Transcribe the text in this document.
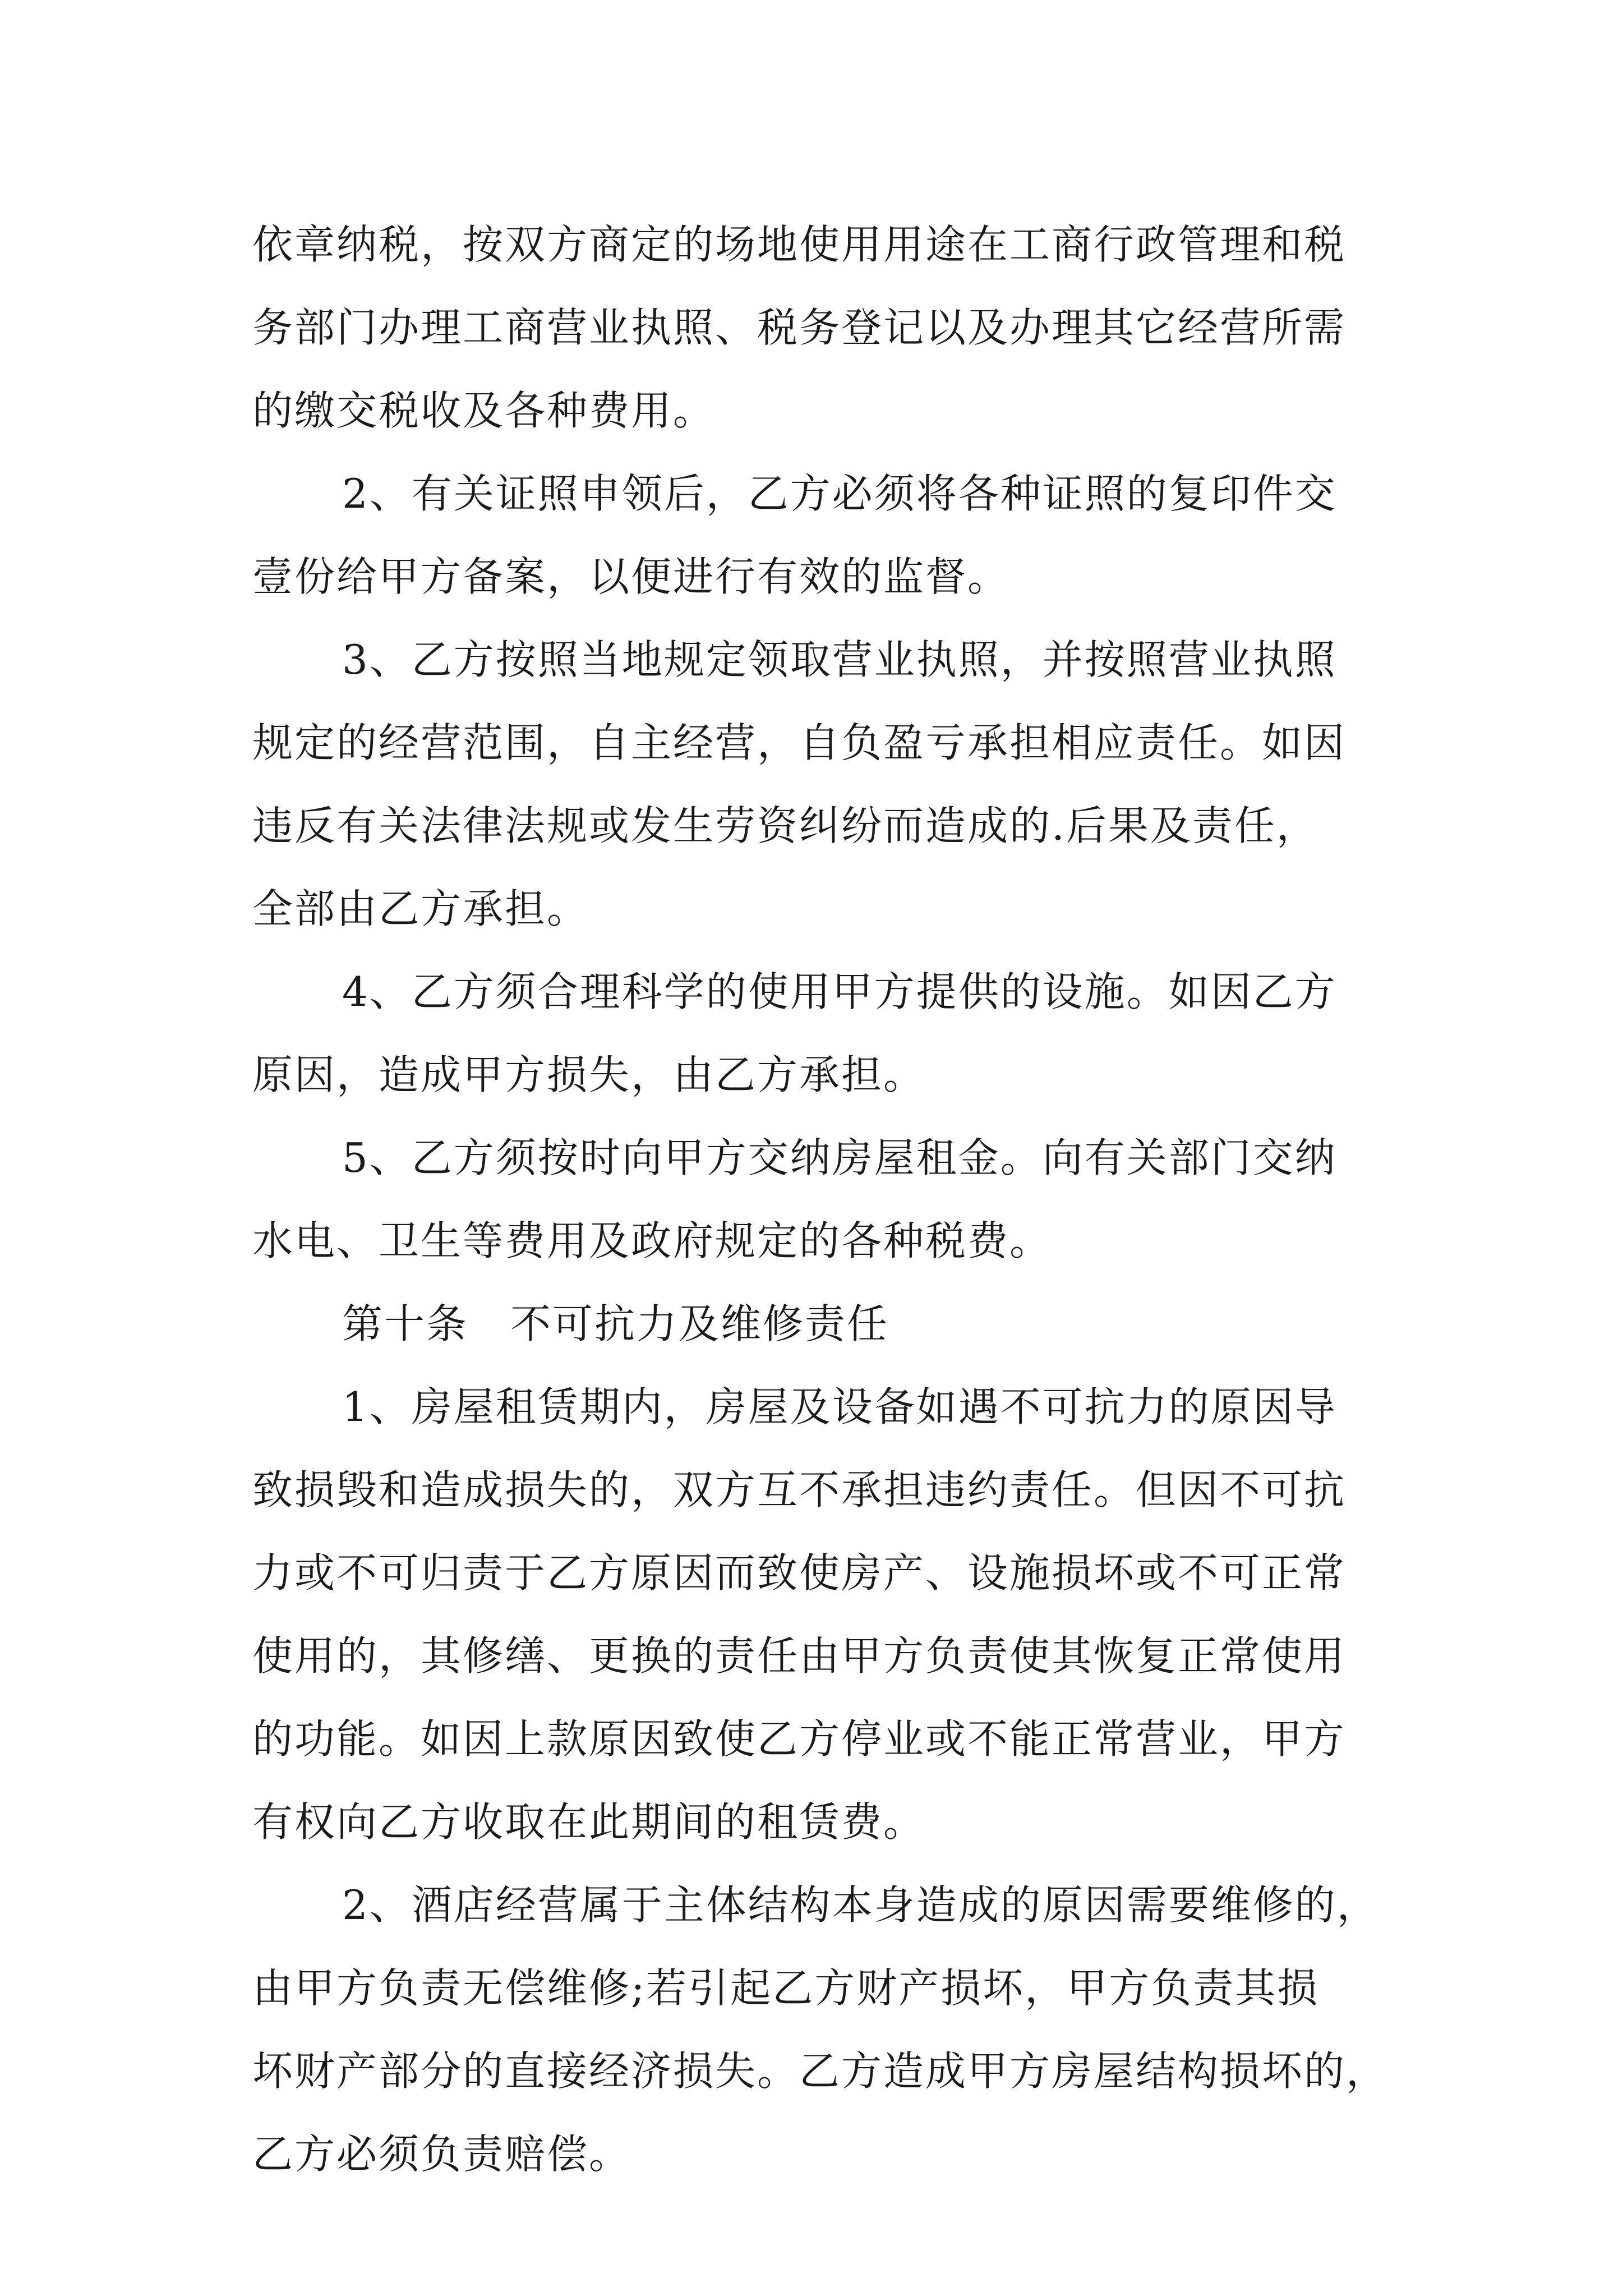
依章纳税，按双方商定的场地使用用途在工商行政管理和税
务部门办理工商营业执照、税务登记以及办理其它经营所需
的缴交税收及各种费用。
2、有关证照申领后，乙方必须将各种证照的复印件交
壹份给甲方备案，以便进行有效的监督。
3、乙方按照当地规定领取营业执照，并按照营业执照
规定的经营范围，自主经营，自负盈亏承担相应责任。如因
违反有关法律法规或发生劳资纠纷而造成的.后果及责任，
全部由乙方承担。
4、乙方须合理科学的使用甲方提供的设施。如因乙方
原因，造成甲方损失，由乙方承担。
5、乙方须按时向甲方交纳房屋租金。向有关部门交纳
水电、卫生等费用及政府规定的各种税费。
第十条　不可抗力及维修责任
1、房屋租赁期内，房屋及设备如遇不可抗力的原因导
致损毁和造成损失的，双方互不承担违约责任。但因不可抗
力或不可归责于乙方原因而致使房产、设施损坏或不可正常
使用的，其修缮、更换的责任由甲方负责使其恢复正常使用
的功能。如因上款原因致使乙方停业或不能正常营业，甲方
有权向乙方收取在此期间的租赁费。
2、酒店经营属于主体结构本身造成的原因需要维修的，
由甲方负责无偿维修;若引起乙方财产损坏，甲方负责其损
坏财产部分的直接经济损失。乙方造成甲方房屋结构损坏的，
乙方必须负责赔偿。
